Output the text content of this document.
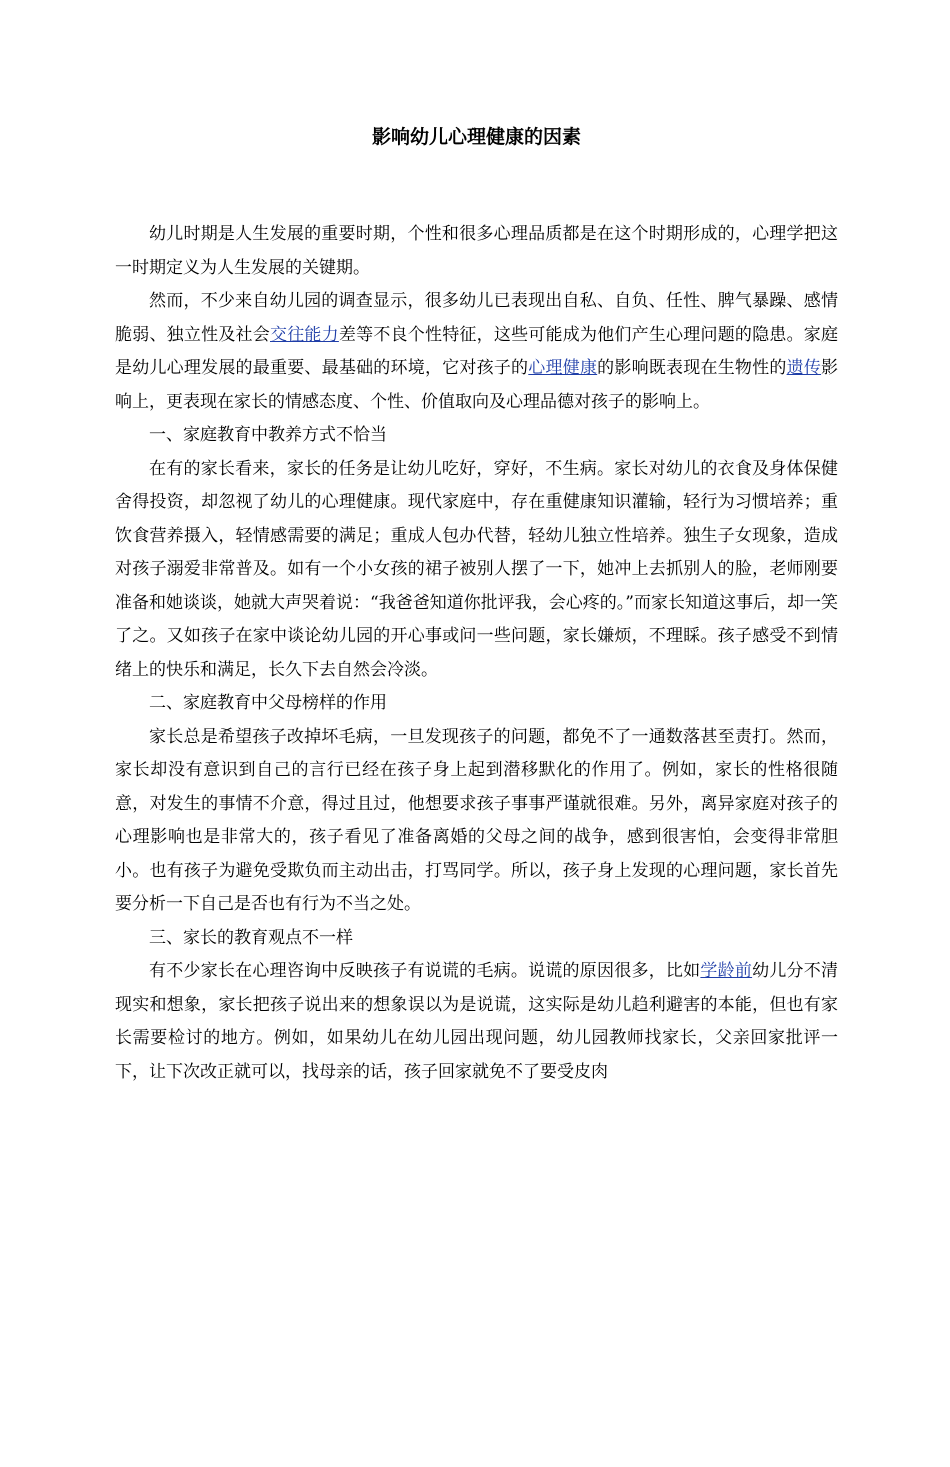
影响幼儿心理健康的因素

幼儿时期是人生发展的重要时期，个性和很多心理品质都是在这个时期形成的，心理学把这一时期定义为人生发展的关键期。

然而，不少来自幼儿园的调查显示，很多幼儿已表现出自私、自负、任性、脾气暴躁、感情脆弱、独立性及社会交往能力差等不良个性特征，这些可能成为他们产生心理问题的隐患。家庭是幼儿心理发展的最重要、最基础的环境，它对孩子的心理健康的影响既表现在生物性的遗传影响上，更表现在家长的情感态度、个性、价值取向及心理品德对孩子的影响上。

一、家庭教育中教养方式不恰当

在有的家长看来，家长的任务是让幼儿吃好，穿好，不生病。家长对幼儿的衣食及身体保健舍得投资，却忽视了幼儿的心理健康。现代家庭中，存在重健康知识灌输，轻行为习惯培养；重饮食营养摄入，轻情感需要的满足；重成人包办代替，轻幼儿独立性培养。独生子女现象，造成对孩子溺爱非常普及。如有一个小女孩的裙子被别人摆了一下，她冲上去抓别人的脸，老师刚要准备和她谈谈，她就大声哭着说：“我爸爸知道你批评我，会心疼的。”而家长知道这事后，却一笑了之。又如孩子在家中谈论幼儿园的开心事或问一些问题，家长嫌烦，不理睬。孩子感受不到情绪上的快乐和满足，长久下去自然会冷淡。

二、家庭教育中父母榜样的作用

家长总是希望孩子改掉坏毛病，一旦发现孩子的问题，都免不了一通数落甚至责打。然而，家长却没有意识到自己的言行已经在孩子身上起到潜移默化的作用了。例如，家长的性格很随意，对发生的事情不介意，得过且过，他想要求孩子事事严谨就很难。另外，离异家庭对孩子的心理影响也是非常大的，孩子看见了准备离婚的父母之间的战争，感到很害怕，会变得非常胆小。也有孩子为避免受欺负而主动出击，打骂同学。所以，孩子身上发现的心理问题，家长首先要分析一下自己是否也有行为不当之处。

三、家长的教育观点不一样

有不少家长在心理咨询中反映孩子有说谎的毛病。说谎的原因很多，比如学龄前幼儿分不清现实和想象，家长把孩子说出来的想象误以为是说谎，这实际是幼儿趋利避害的本能，但也有家长需要检讨的地方。例如，如果幼儿在幼儿园出现问题，幼儿园教师找家长，父亲回家批评一下，让下次改正就可以，找母亲的话，孩子回家就免不了要受皮肉
